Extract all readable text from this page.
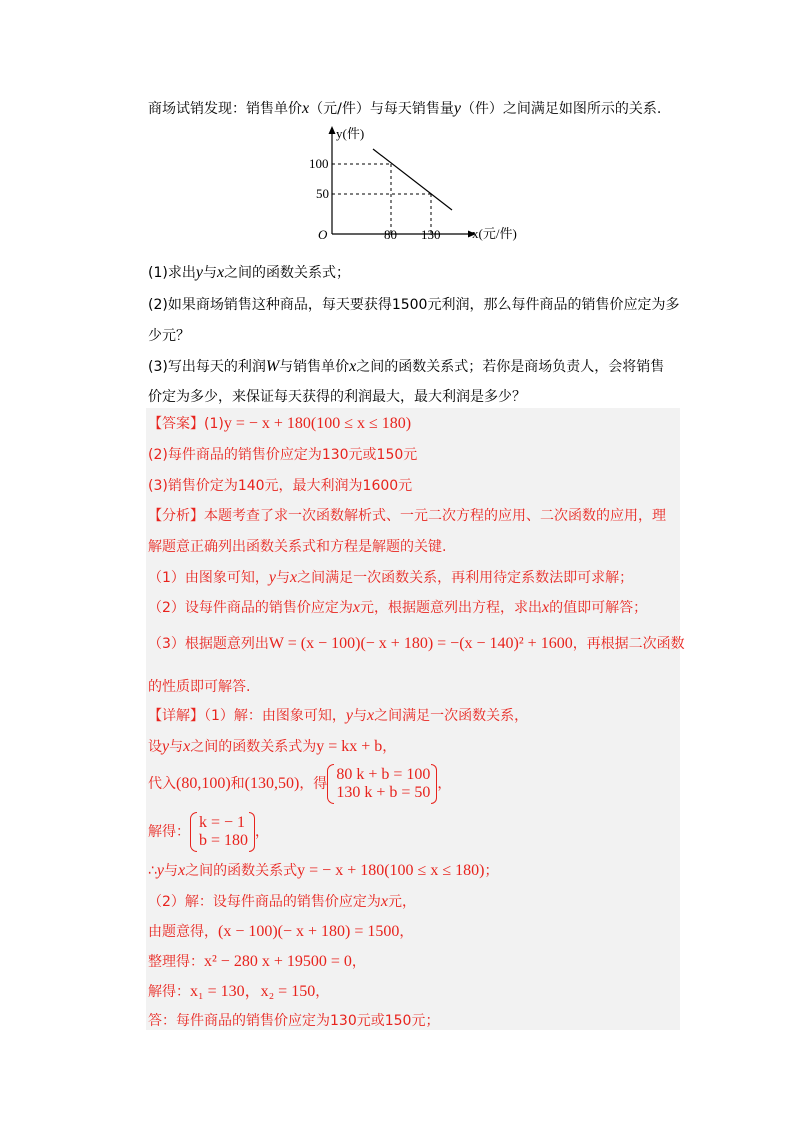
商场试销发现：销售单价x（元/件）与每天销售量y（件）之间满足如图所示的关系.
y(件)
x(元/件)
O
100
50
80 130
(1)求出y与x之间的函数关系式；
(2)如果商场销售这种商品，每天要获得1500元利润，那么每件商品的销售价应定为多
少元？
(3)写出每天的利润W与销售单价x之间的函数关系式；若你是商场负责人，会将销售
价定为多少，来保证每天获得的利润最大，最大利润是多少？
【答案】(1)y = − x + 180(100 ≤ x ≤ 180)
(2)每件商品的销售价应定为130元或150元
(3)销售价定为140元，最大利润为1600元
【分析】本题考查了求一次函数解析式、一元二次方程的应用、二次函数的应用，理
解题意正确列出函数关系式和方程是解题的关键.
（1）由图象可知，y与x之间满足一次函数关系，再利用待定系数法即可求解；
（2）设每件商品的销售价应定为x元，根据题意列出方程，求出x的值即可解答；
（3）根据题意列出W = (x − 100)(− x + 180) = −(x − 140)² + 1600，再根据二次函数
的性质即可解答.
【详解】（1）解：由图象可知，y与x之间满足一次函数关系，
设y与x之间的函数关系式为y = kx + b，
代入(80,100)和(130,50)，得
80 k + b = 100
130 k + b = 50 ，
解得：
k = − 1
b = 180 ，
∴y与x之间的函数关系式y = − x + 180(100 ≤ x ≤ 180)；
（2）解：设每件商品的销售价应定为x元，
由题意得，(x − 100)(− x + 180) = 1500，
整理得：x² − 280 x + 19500 = 0，
解得：x₁ = 130，x₂ = 150，
答：每件商品的销售价应定为130元或150元；
